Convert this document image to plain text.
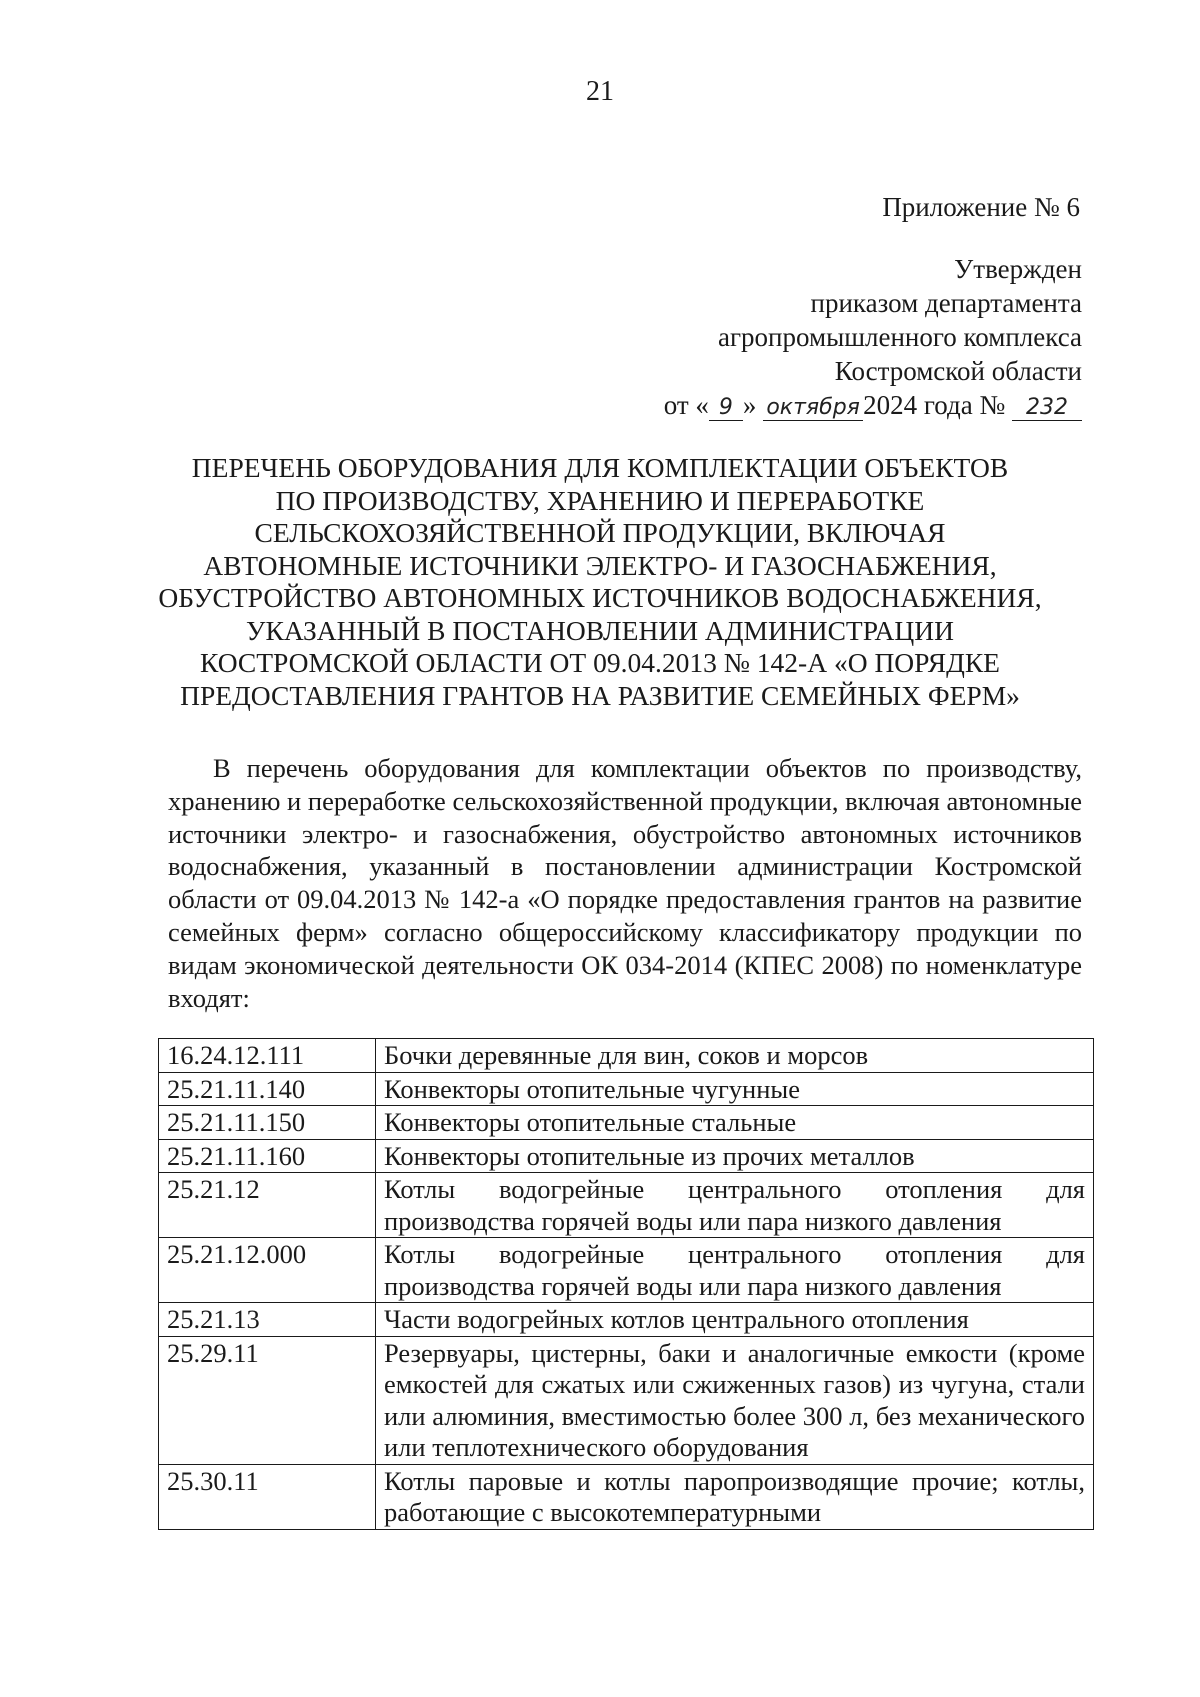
21
Приложение № 6
Утвержден
приказом департамента
агропромышленного комплекса
Костромской области
от « 9 » октября 2024 года № 232
ПЕРЕЧЕНЬ ОБОРУДОВАНИЯ ДЛЯ КОМПЛЕКТАЦИИ ОБЪЕКТОВ
ПО ПРОИЗВОДСТВУ, ХРАНЕНИЮ И ПЕРЕРАБОТКЕ
СЕЛЬСКОХОЗЯЙСТВЕННОЙ ПРОДУКЦИИ, ВКЛЮЧАЯ
АВТОНОМНЫЕ ИСТОЧНИКИ ЭЛЕКТРО- И ГАЗОСНАБЖЕНИЯ,
ОБУСТРОЙСТВО АВТОНОМНЫХ ИСТОЧНИКОВ ВОДОСНАБЖЕНИЯ,
УКАЗАННЫЙ В ПОСТАНОВЛЕНИИ АДМИНИСТРАЦИИ
КОСТРОМСКОЙ ОБЛАСТИ ОТ 09.04.2013 № 142-А «О ПОРЯДКЕ
ПРЕДОСТАВЛЕНИЯ ГРАНТОВ НА РАЗВИТИЕ СЕМЕЙНЫХ ФЕРМ»
В перечень оборудования для комплектации объектов по производству, хранению и переработке сельскохозяйственной продукции, включая автономные источники электро- и газоснабжения, обустройство автономных источников водоснабжения, указанный в постановлении администрации Костромской области от 09.04.2013 № 142-а «О порядке предоставления грантов на развитие семейных ферм» согласно общероссийскому классификатору продукции по видам экономической деятельности ОК 034-2014 (КПЕС 2008) по номенклатуре входят:
16.24.12.111	Бочки деревянные для вин, соков и морсов
25.21.11.140	Конвекторы отопительные чугунные
25.21.11.150	Конвекторы отопительные стальные
25.21.11.160	Конвекторы отопительные из прочих металлов
25.21.12	Котлы водогрейные центрального отопления для производства горячей воды или пара низкого давления
25.21.12.000	Котлы водогрейные центрального отопления для производства горячей воды или пара низкого давления
25.21.13	Части водогрейных котлов центрального отопления
25.29.11	Резервуары, цистерны, баки и аналогичные емкости (кроме емкостей для сжатых или сжиженных газов) из чугуна, стали или алюминия, вместимостью более 300 л, без механического или теплотехнического оборудования
25.30.11	Котлы паровые и котлы паропроизводящие прочие; котлы, работающие с высокотемпературными
